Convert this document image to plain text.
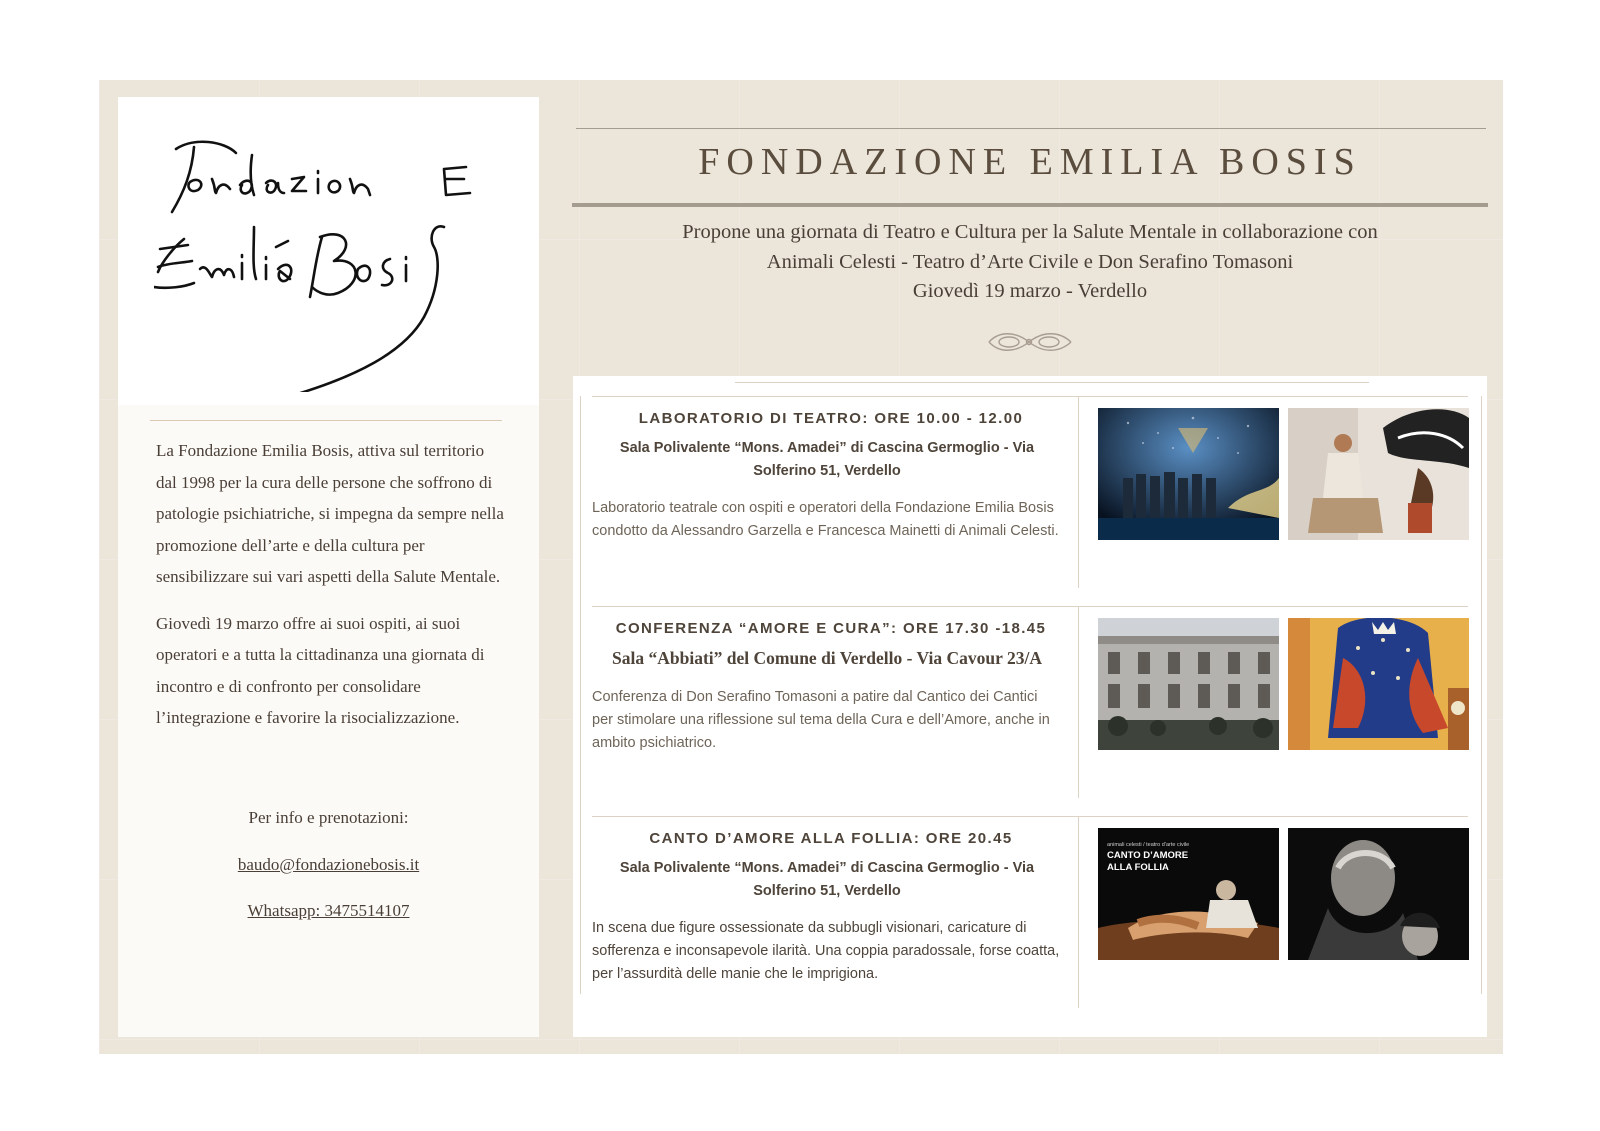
La Fondazione Emilia Bosis, attiva sul territorio dal 1998 per la cura delle persone che soffrono di patologie psichiatriche, si impegna da sempre nella promozione dell’arte e della cultura per sensibilizzare sui vari aspetti della Salute Mentale.

Giovedì 19 marzo offre ai suoi ospiti, ai suoi operatori e a tutta la cittadinanza una giornata di incontro e di confronto per consolidare l’integrazione e favorire la risocializzazione.

Per info e prenotazioni:
baudo@fondazionebosis.it
Whatsapp: 3475514107
FONDAZIONE EMILIA BOSIS
Propone una giornata di Teatro e Cultura per la Salute Mentale in collaborazione con
Animali Celesti - Teatro d’Arte Civile e Don Serafino Tomasoni
Giovedì 19 marzo - Verdello
LABORATORIO DI TEATRO: ORE 10.00 - 12.00
Sala Polivalente “Mons. Amadei” di Cascina Germoglio - Via Solferino 51, Verdello
Laboratorio teatrale con ospiti e operatori della Fondazione Emilia Bosis condotto da Alessandro Garzella e Francesca Mainetti di Animali Celesti.
CONFERENZA “AMORE E CURA”: ORE 17.30 -18.45
Sala “Abbiati” del Comune di Verdello - Via Cavour 23/A
Conferenza di Don Serafino Tomasoni a patire dal Cantico dei Cantici per stimolare una riflessione sul tema della Cura e dell’Amore, anche in ambito psichiatrico.
CANTO D’AMORE ALLA FOLLIA: ORE 20.45
Sala Polivalente “Mons. Amadei” di Cascina Germoglio - Via Solferino 51, Verdello
In scena due figure ossessionate da subbugli visionari, caricature di sofferenza e inconsapevole ilarità. Una coppia paradossale, forse coatta, per l’assurdità delle manie che le imprigiona.
animali celesti / teatro d’arte civile
CANTO D’AMORE
ALLA FOLLIA
